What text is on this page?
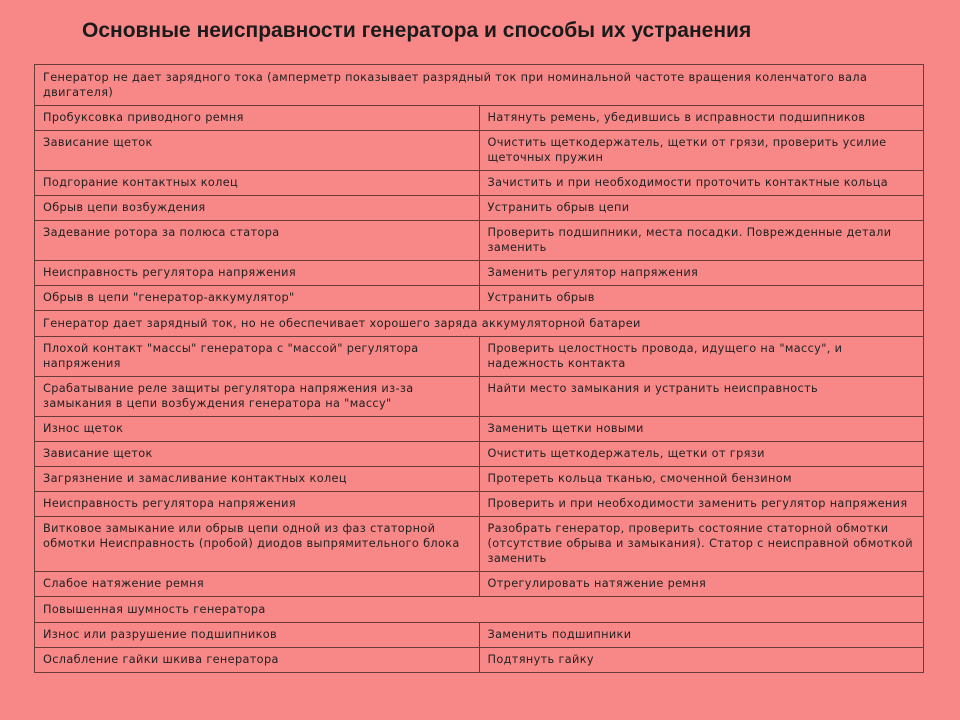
Основные неисправности генератора и способы их устранения
Генератор не дает зарядного тока (амперметр показывает разрядный ток при номинальной частоте вращения коленчатого вала двигателя)	
Пробуксовка приводного ремня	Натянуть ремень, убедившись в исправности подшипников
Зависание щеток	Очистить щеткодержатель, щетки от грязи, проверить усилие щеточных пружин
Подгорание контактных колец	Зачистить и при необходимости проточить контактные кольца
Обрыв цепи возбуждения	Устранить обрыв цепи
Задевание ротора за полюса статора	Проверить подшипники, места посадки. Поврежденные детали заменить
Неисправность регулятора напряжения	Заменить регулятор напряжения
Обрыв в цепи "генератор-аккумулятор"	Устранить обрыв
Генератор дает зарядный ток, но не обеспечивает хорошего заряда аккумуляторной батареи	
Плохой контакт "массы" генератора с "массой" регулятора напряжения	Проверить целостность провода, идущего на "массу", и надежность контакта
Срабатывание реле защиты регулятора напряжения из-за замыкания в цепи возбуждения генератора на "массу"	Найти место замыкания и устранить неисправность
Износ щеток	Заменить щетки новыми
Зависание щеток	Очистить щеткодержатель, щетки от грязи
Загрязнение и замасливание контактных колец	Протереть кольца тканью, смоченной бензином
Неисправность регулятора напряжения	Проверить и при необходимости заменить регулятор напряжения
Витковое замыкание или обрыв цепи одной из фаз статорной обмотки Неисправность (пробой) диодов выпрямительного блока	Разобрать генератор, проверить состояние статорной обмотки (отсутствие обрыва и замыкания). Статор с неисправной обмоткой заменить
Слабое натяжение ремня	Отрегулировать натяжение ремня
Повышенная шумность генератора	
Износ или разрушение подшипников	Заменить подшипники
Ослабление гайки шкива генератора	Подтянуть гайку
